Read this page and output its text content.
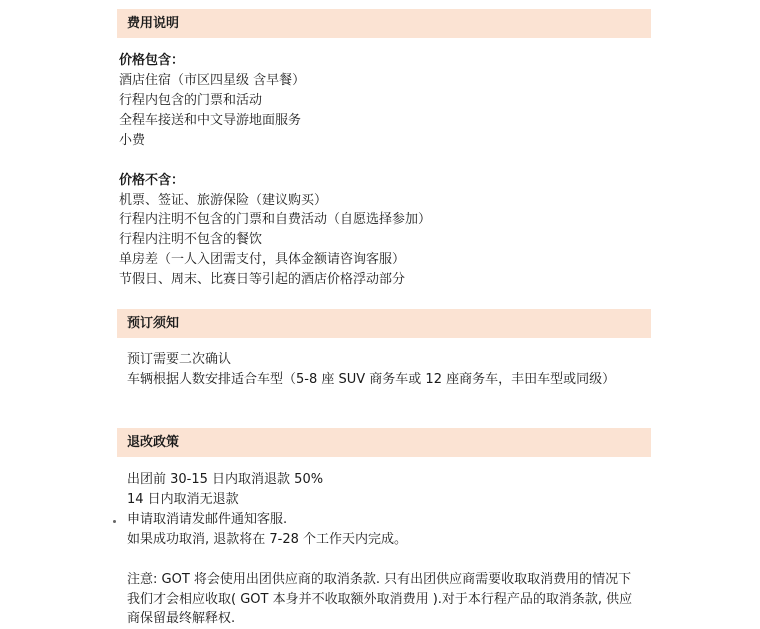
费用说明
价格包含：
酒店住宿（市区四星级 含早餐）
行程内包含的门票和活动
全程车接送和中文导游地面服务
小费
价格不含：
机票、签证、旅游保险（建议购买）
行程内注明不包含的门票和自费活动（自愿选择参加）
行程内注明不包含的餐饮
单房差（一人入团需支付，具体金额请咨询客服）
节假日、周末、比赛日等引起的酒店价格浮动部分
预订须知
预订需要二次确认
车辆根据人数安排适合车型（5-8 座 SUV 商务车或 12 座商务车，丰田车型或同级）
退改政策
出团前 30-15 日内取消退款 50%
14 日内取消无退款
申请取消请发邮件通知客服.
如果成功取消, 退款将在 7-28 个工作天内完成。
注意: GOT 将会使用出团供应商的取消条款. 只有出团供应商需要收取取消费用的情况下
我们才会相应收取( GOT 本身并不收取额外取消费用 ).对于本行程产品的取消条款, 供应
商保留最终解释权.
